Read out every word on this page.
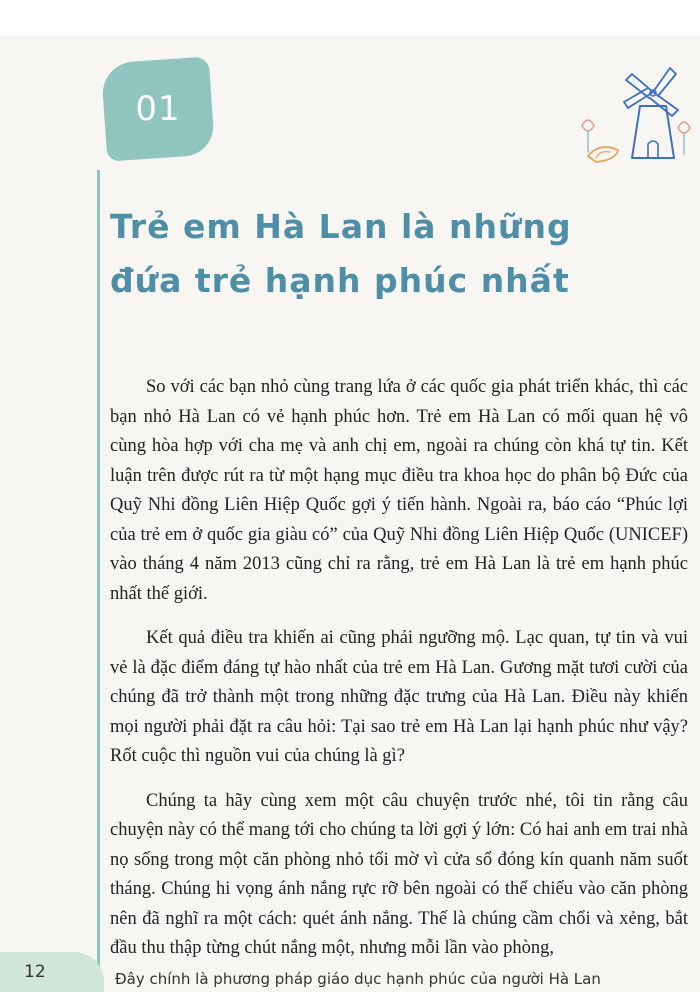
01
Trẻ em Hà Lan là những
đứa trẻ hạnh phúc nhất

So với các bạn nhỏ cùng trang lứa ở các quốc gia phát triển khác, thì các bạn nhỏ Hà Lan có vẻ hạnh phúc hơn. Trẻ em Hà Lan có mối quan hệ vô cùng hòa hợp với cha mẹ và anh chị em, ngoài ra chúng còn khá tự tin. Kết luận trên được rút ra từ một hạng mục điều tra khoa học do phân bộ Đức của Quỹ Nhi đồng Liên Hiệp Quốc gợi ý tiến hành. Ngoài ra, báo cáo “Phúc lợi của trẻ em ở quốc gia giàu có” của Quỹ Nhi đồng Liên Hiệp Quốc (UNICEF) vào tháng 4 năm 2013 cũng chỉ ra rằng, trẻ em Hà Lan là trẻ em hạnh phúc nhất thế giới.

Kết quả điều tra khiến ai cũng phải ngưỡng mộ. Lạc quan, tự tin và vui vẻ là đặc điểm đáng tự hào nhất của trẻ em Hà Lan. Gương mặt tươi cười của chúng đã trở thành một trong những đặc trưng của Hà Lan. Điều này khiến mọi người phải đặt ra câu hỏi: Tại sao trẻ em Hà Lan lại hạnh phúc như vậy? Rốt cuộc thì nguồn vui của chúng là gì?

Chúng ta hãy cùng xem một câu chuyện trước nhé, tôi tin rằng câu chuyện này có thể mang tới cho chúng ta lời gợi ý lớn: Có hai anh em trai nhà nọ sống trong một căn phòng nhỏ tối mờ vì cửa sổ đóng kín quanh năm suốt tháng. Chúng hi vọng ánh nắng rực rỡ bên ngoài có thể chiếu vào căn phòng nên đã nghĩ ra một cách: quét ánh nắng. Thế là chúng cầm chổi và xẻng, bắt đầu thu thập từng chút nắng một, nhưng mỗi lần vào phòng,

12	Đây chính là phương pháp giáo dục hạnh phúc của người Hà Lan
